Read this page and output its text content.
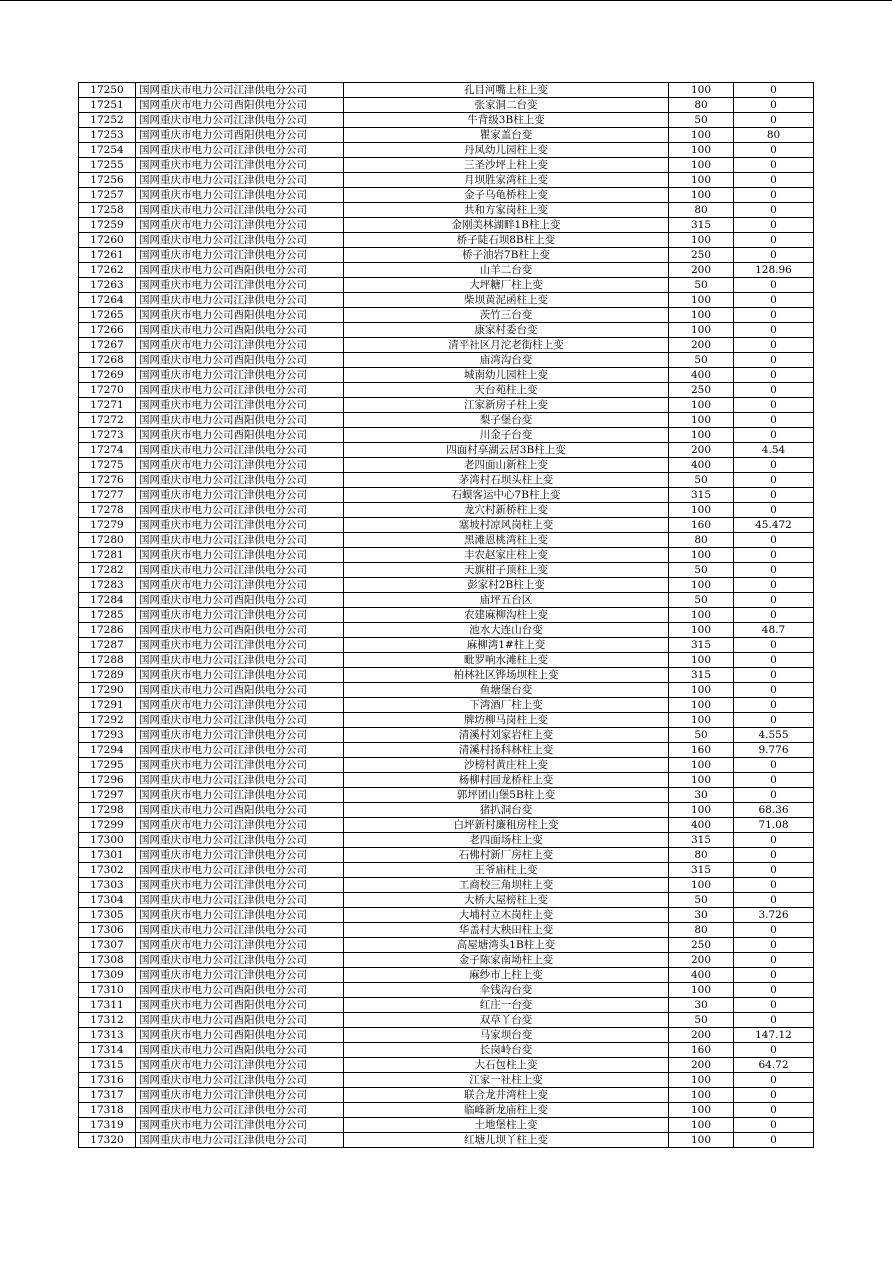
17250	国网重庆市电力公司江津供电分公司	孔目河嘴上柱上变	100	0
17251	国网重庆市电力公司酉阳供电分公司	张家洞二台变	80	0
17252	国网重庆市电力公司江津供电分公司	牛背级3B柱上变	50	0
17253	国网重庆市电力公司酉阳供电分公司	瞿家盖台变	100	80
17254	国网重庆市电力公司江津供电分公司	丹凤幼儿园柱上变	100	0
17255	国网重庆市电力公司江津供电分公司	三圣沙坪上柱上变	100	0
17256	国网重庆市电力公司江津供电分公司	月坝胜家湾柱上变	100	0
17257	国网重庆市电力公司江津供电分公司	金子乌龟桥柱上变	100	0
17258	国网重庆市电力公司江津供电分公司	共和方家岗柱上变	80	0
17259	国网重庆市电力公司江津供电分公司	金刚美林湖畔1B柱上变	315	0
17260	国网重庆市电力公司江津供电分公司	桥子陡石坝8B柱上变	100	0
17261	国网重庆市电力公司江津供电分公司	桥子油岩7B柱上变	250	0
17262	国网重庆市电力公司酉阳供电分公司	山羊二台变	200	128.96
17263	国网重庆市电力公司江津供电分公司	大坪糖厂柱上变	50	0
17264	国网重庆市电力公司江津供电分公司	柴坝黄泥函柱上变	100	0
17265	国网重庆市电力公司酉阳供电分公司	茨竹三台变	100	0
17266	国网重庆市电力公司酉阳供电分公司	康家村委台变	100	0
17267	国网重庆市电力公司江津供电分公司	清平社区月沱老街柱上变	200	0
17268	国网重庆市电力公司酉阳供电分公司	庙湾沟台变	50	0
17269	国网重庆市电力公司江津供电分公司	城南幼儿园柱上变	400	0
17270	国网重庆市电力公司江津供电分公司	天台苑柱上变	250	0
17271	国网重庆市电力公司江津供电分公司	江家新房子柱上变	100	0
17272	国网重庆市电力公司酉阳供电分公司	梨子堡台变	100	0
17273	国网重庆市电力公司酉阳供电分公司	川金子台变	100	0
17274	国网重庆市电力公司江津供电分公司	四面村享湖云居3B柱上变	200	4.54
17275	国网重庆市电力公司江津供电分公司	老四面山新柱上变	400	0
17276	国网重庆市电力公司江津供电分公司	茅湾村石坝头柱上变	50	0
17277	国网重庆市电力公司江津供电分公司	石蟆客运中心7B柱上变	315	0
17278	国网重庆市电力公司江津供电分公司	龙穴村新桥柱上变	100	0
17279	国网重庆市电力公司江津供电分公司	塞坡村凉风岗柱上变	160	45.472
17280	国网重庆市电力公司江津供电分公司	黑滩恩桃湾柱上变	80	0
17281	国网重庆市电力公司江津供电分公司	丰农赵家庄柱上变	100	0
17282	国网重庆市电力公司江津供电分公司	天旗柑子顶柱上变	50	0
17283	国网重庆市电力公司江津供电分公司	彭家村2B柱上变	100	0
17284	国网重庆市电力公司酉阳供电分公司	庙坪五台区	50	0
17285	国网重庆市电力公司江津供电分公司	农建麻柳沟柱上变	100	0
17286	国网重庆市电力公司酉阳供电分公司	池水大连山台变	100	48.7
17287	国网重庆市电力公司江津供电分公司	麻柳湾1#柱上变	315	0
17288	国网重庆市电力公司江津供电分公司	毗罗响水滩柱上变	100	0
17289	国网重庆市电力公司江津供电分公司	柏林社区铧场坝柱上变	315	0
17290	国网重庆市电力公司酉阳供电分公司	鱼塘堡台变	100	0
17291	国网重庆市电力公司江津供电分公司	下湾酒厂柱上变	100	0
17292	国网重庆市电力公司江津供电分公司	牌坊柳马岗柱上变	100	0
17293	国网重庆市电力公司江津供电分公司	清溪村刘家岩柱上变	50	4.555
17294	国网重庆市电力公司江津供电分公司	清溪村扬科林柱上变	160	9.776
17295	国网重庆市电力公司江津供电分公司	沙榜村黄庄柱上变	100	0
17296	国网重庆市电力公司江津供电分公司	杨柳村回龙桥柱上变	100	0
17297	国网重庆市电力公司江津供电分公司	郭坪团山堡5B柱上变	30	0
17298	国网重庆市电力公司酉阳供电分公司	猪扒洞台变	100	68.36
17299	国网重庆市电力公司江津供电分公司	白坪新村廉租房柱上变	400	71.08
17300	国网重庆市电力公司江津供电分公司	老四面场柱上变	315	0
17301	国网重庆市电力公司江津供电分公司	石佛村新厂房柱上变	80	0
17302	国网重庆市电力公司江津供电分公司	王爷庙柱上变	315	0
17303	国网重庆市电力公司江津供电分公司	工商校三角坝柱上变	100	0
17304	国网重庆市电力公司江津供电分公司	大桥大屋榜柱上变	50	0
17305	国网重庆市电力公司江津供电分公司	大埔村立木岗柱上变	30	3.726
17306	国网重庆市电力公司江津供电分公司	华盖村大秧田柱上变	80	0
17307	国网重庆市电力公司江津供电分公司	高屋塘湾头1B柱上变	250	0
17308	国网重庆市电力公司江津供电分公司	金子陈家南坳柱上变	200	0
17309	国网重庆市电力公司江津供电分公司	麻纱市上柱上变	400	0
17310	国网重庆市电力公司酉阳供电分公司	伞钱沟台变	100	0
17311	国网重庆市电力公司酉阳供电分公司	红庄一台变	30	0
17312	国网重庆市电力公司酉阳供电分公司	双草丫台变	50	0
17313	国网重庆市电力公司酉阳供电分公司	马家坝台变	200	147.12
17314	国网重庆市电力公司酉阳供电分公司	长岗岭台变	160	0
17315	国网重庆市电力公司江津供电分公司	大石包柱上变	200	64.72
17316	国网重庆市电力公司江津供电分公司	江家一社柱上变	100	0
17317	国网重庆市电力公司江津供电分公司	联合龙井湾柱上变	100	0
17318	国网重庆市电力公司江津供电分公司	临峰新龙庙柱上变	100	0
17319	国网重庆市电力公司江津供电分公司	土地堡柱上变	100	0
17320	国网重庆市电力公司江津供电分公司	红塘儿坝丫柱上变	100	0
